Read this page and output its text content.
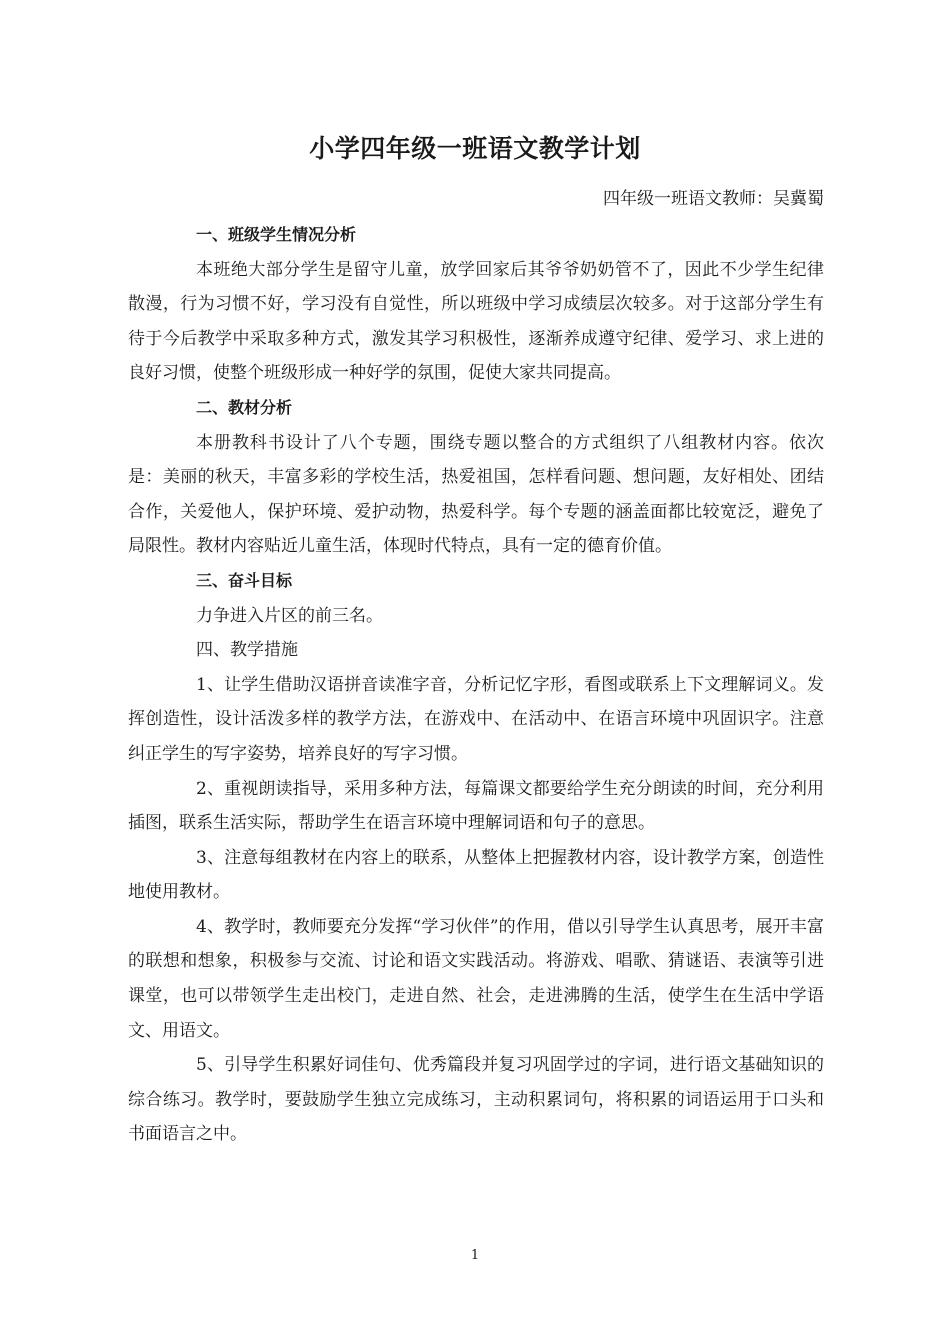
小学四年级一班语文教学计划
四年级一班语文教师：吴冀蜀

一、班级学生情况分析

本班绝大部分学生是留守儿童，放学回家后其爷爷奶奶管不了，因此不少学生纪律散漫，行为习惯不好，学习没有自觉性，所以班级中学习成绩层次较多。对于这部分学生有待于今后教学中采取多种方式，激发其学习积极性，逐渐养成遵守纪律、爱学习、求上进的良好习惯，使整个班级形成一种好学的氛围，促使大家共同提高。

二、教材分析

本册教科书设计了八个专题，围绕专题以整合的方式组织了八组教材内容。依次是：美丽的秋天，丰富多彩的学校生活，热爱祖国，怎样看问题、想问题，友好相处、团结合作，关爱他人，保护环境、爱护动物，热爱科学。每个专题的涵盖面都比较宽泛，避免了局限性。教材内容贴近儿童生活，体现时代特点，具有一定的德育价值。

三、奋斗目标

力争进入片区的前三名。

四、教学措施

1、让学生借助汉语拼音读准字音，分析记忆字形，看图或联系上下文理解词义。发挥创造性，设计活泼多样的教学方法，在游戏中、在活动中、在语言环境中巩固识字。注意纠正学生的写字姿势，培养良好的写字习惯。

2、重视朗读指导，采用多种方法，每篇课文都要给学生充分朗读的时间，充分利用插图，联系生活实际，帮助学生在语言环境中理解词语和句子的意思。

3、注意每组教材在内容上的联系，从整体上把握教材内容，设计教学方案，创造性地使用教材。

4、教学时，教师要充分发挥“学习伙伴”的作用，借以引导学生认真思考，展开丰富的联想和想象，积极参与交流、讨论和语文实践活动。将游戏、唱歌、猜谜语、表演等引进课堂，也可以带领学生走出校门，走进自然、社会，走进沸腾的生活，使学生在生活中学语文、用语文。

5、引导学生积累好词佳句、优秀篇段并复习巩固学过的字词，进行语文基础知识的综合练习。教学时，要鼓励学生独立完成练习，主动积累词句，将积累的词语运用于口头和书面语言之中。

1
